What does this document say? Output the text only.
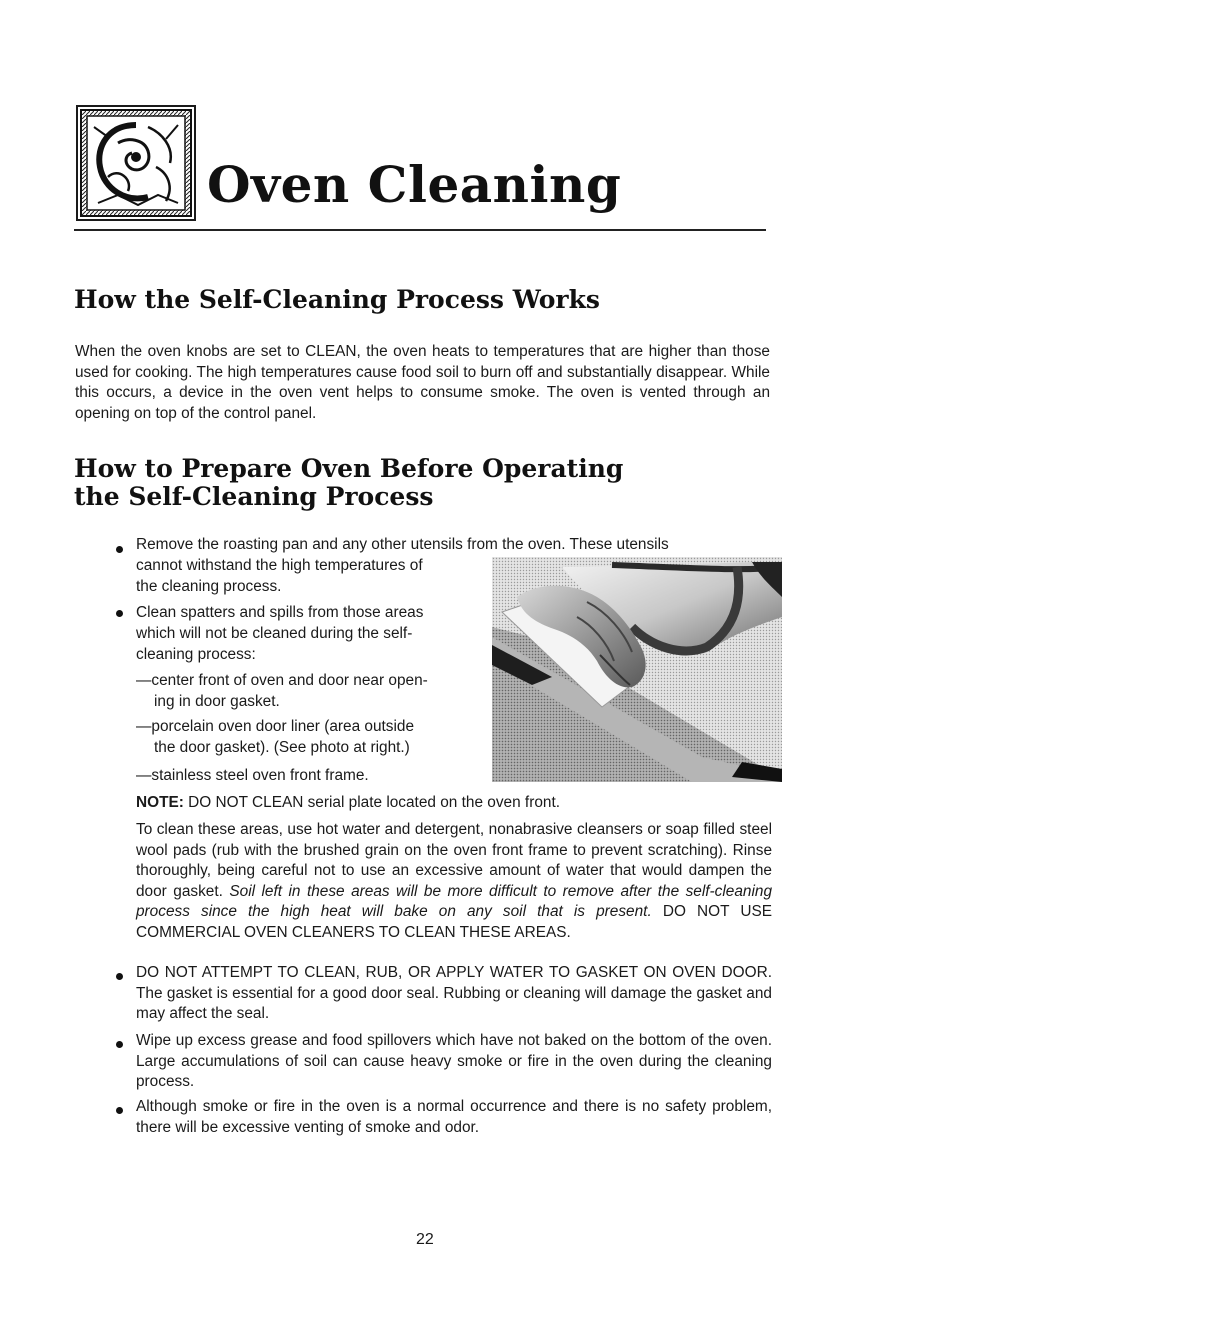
Oven Cleaning
How the Self-Cleaning Process Works
When the oven knobs are set to CLEAN, the oven heats to temperatures that are higher than those used for cooking. The high temperatures cause food soil to burn off and substantially disappear. While this occurs, a device in the oven vent helps to consume smoke. The oven is vented through an opening on top of the control panel.
How to Prepare Oven Before Operating
the Self-Cleaning Process
Remove the roasting pan and any other utensils from the oven. These utensils
cannot withstand the high temperatures of
the cleaning process.
Clean spatters and spills from those areas
which will not be cleaned during the self-
cleaning process:
—center front of oven and door near open-
ing in door gasket.
—porcelain oven door liner (area outside
the door gasket). (See photo at right.)
—stainless steel oven front frame.
NOTE: DO NOT CLEAN serial plate located on the oven front.
To clean these areas, use hot water and detergent, nonabrasive cleansers or soap filled steel wool pads (rub with the brushed grain on the oven front frame to prevent scratching). Rinse thoroughly, being careful not to use an excessive amount of water that would dampen the door gasket. Soil left in these areas will be more difficult to remove after the self-cleaning process since the high heat will bake on any soil that is present. DO NOT USE COMMERCIAL OVEN CLEANERS TO CLEAN THESE AREAS.
DO NOT ATTEMPT TO CLEAN, RUB, OR APPLY WATER TO GASKET ON OVEN DOOR. The gasket is essential for a good door seal. Rubbing or cleaning will damage the gasket and may affect the seal.
Wipe up excess grease and food spillovers which have not baked on the bottom of the oven. Large accumulations of soil can cause heavy smoke or fire in the oven during the cleaning process.
Although smoke or fire in the oven is a normal occurrence and there is no safety problem, there will be excessive venting of smoke and odor.
22
